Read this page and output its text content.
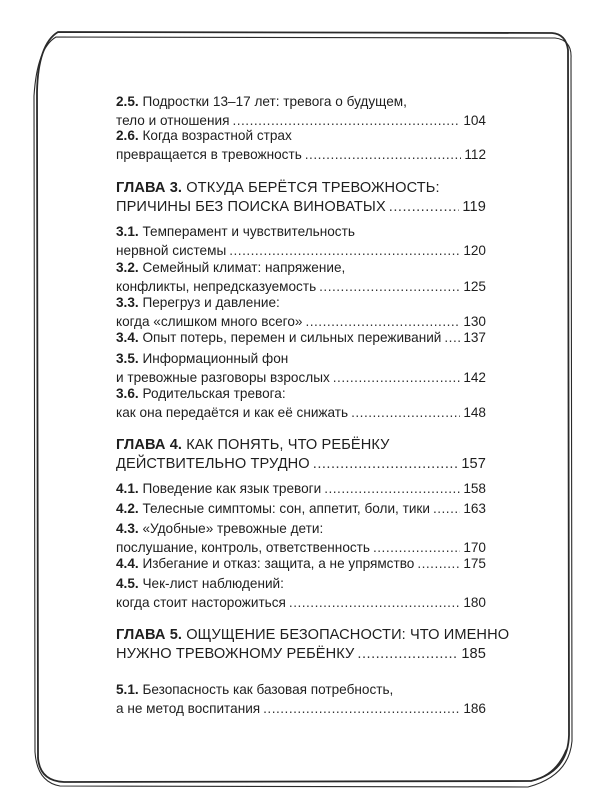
2.5.
Подростки 13–17 лет: тревога о будущем,
тело и отношения .....	104
2.6.
Когда возрастной страх
превращается в тревожность .....	112
ГЛАВА 3.
ОТКУДА БЕРЁТСЯ ТРЕВОЖНОСТЬ:
ПРИЧИНЫ БЕЗ ПОИСКА ВИНОВАТЫХ .....	119
3.1.
Темперамент и чувствительность
нервной системы .....	120
3.2.
Семейный климат: напряжение,
конфликты, непредсказуемость .....	125
3.3.
Перегруз и давление:
когда «слишком много всего» .....	130
3.4.
Опыт потерь, перемен и сильных переживаний ..... 137
3.5.
Информационный фон
и тревожные разговоры взрослых .....	142
3.6.
Родительская тревога:
как она передаётся и как её снижать .....	148
ГЛАВА 4.
КАК ПОНЯТЬ, ЧТО РЕБЁНКУ
ДЕЙСТВИТЕЛЬНО ТРУДНО .....	157
4.1.
Поведение как язык тревоги .....	158
4.2.
Телесные симптомы: сон, аппетит, боли, тики ..... 163
4.3.
«Удобные» тревожные дети:
послушание, контроль, ответственность .....	170
4.4.
Избегание и отказ: защита, а не упрямство .....	175
4.5.
Чек-лист наблюдений:
когда стоит насторожиться .....	180
ГЛАВА 5.
ОЩУЩЕНИЕ БЕЗОПАСНОСТИ: ЧТО ИМЕННО
НУЖНО ТРЕВОЖНОМУ РЕБЁНКУ .....	185
5.1.
Безопасность как базовая потребность,
а не метод воспитания .....	186
